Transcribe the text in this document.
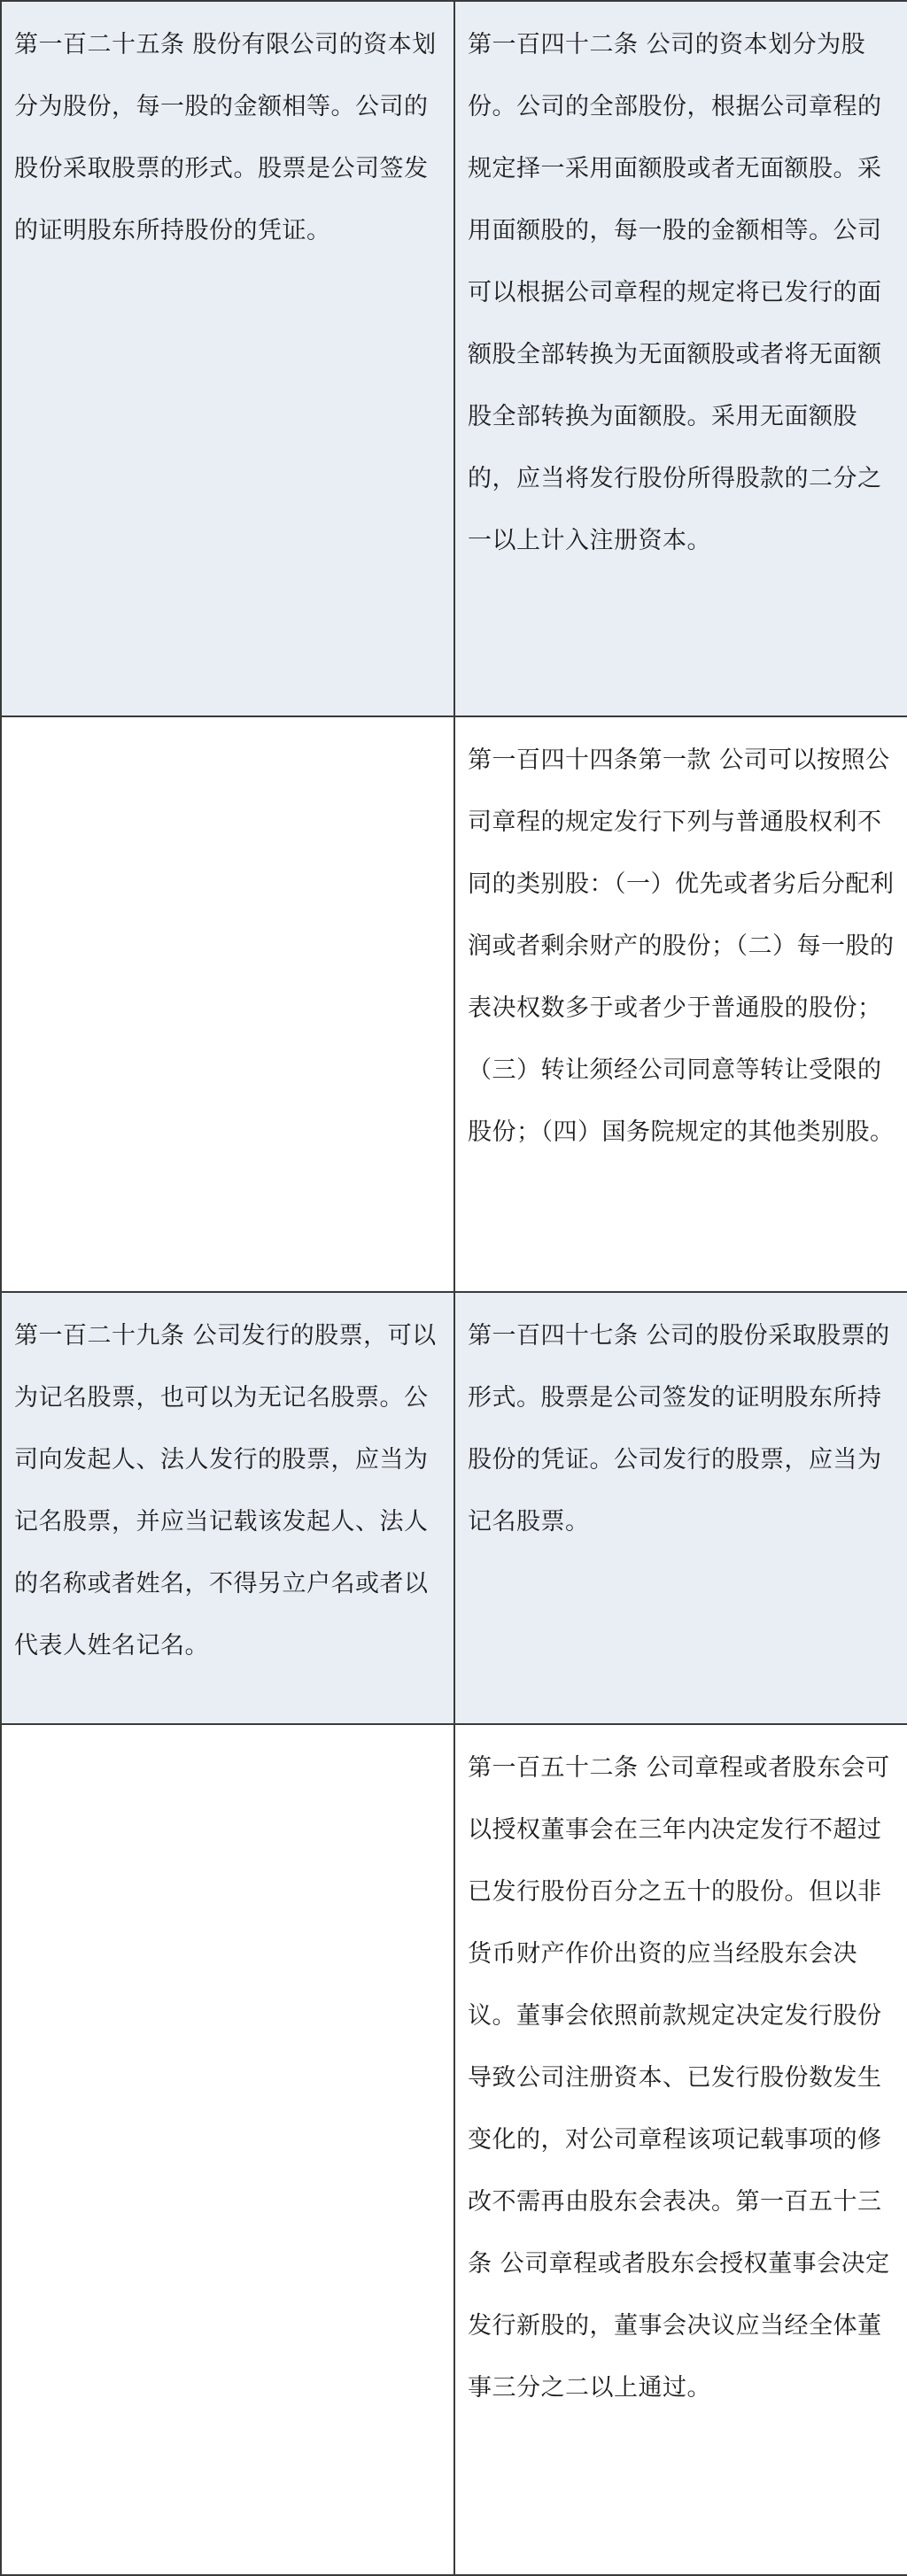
第一百二十五条 股份有限公司的资本划分为股份，每一股的金额相等。公司的股份采取股票的形式。股票是公司签发的证明股东所持股份的凭证。	第一百四十二条 公司的资本划分为股份。公司的全部股份，根据公司章程的规定择一采用面额股或者无面额股。采用面额股的，每一股的金额相等。公司可以根据公司章程的规定将已发行的面额股全部转换为无面额股或者将无面额股全部转换为面额股。采用无面额股的，应当将发行股份所得股款的二分之一以上计入注册资本。
	第一百四十四条第一款 公司可以按照公司章程的规定发行下列与普通股权利不同的类别股：（一）优先或者劣后分配利润或者剩余财产的股份；（二）每一股的表决权数多于或者少于普通股的股份；（三）转让须经公司同意等转让受限的股份；（四）国务院规定的其他类别股。
第一百二十九条 公司发行的股票，可以为记名股票，也可以为无记名股票。公司向发起人、法人发行的股票，应当为记名股票，并应当记载该发起人、法人的名称或者姓名，不得另立户名或者以代表人姓名记名。	第一百四十七条 公司的股份采取股票的形式。股票是公司签发的证明股东所持股份的凭证。公司发行的股票，应当为记名股票。
	第一百五十二条 公司章程或者股东会可以授权董事会在三年内决定发行不超过已发行股份百分之五十的股份。但以非货币财产作价出资的应当经股东会决议。董事会依照前款规定决定发行股份导致公司注册资本、已发行股份数发生变化的，对公司章程该项记载事项的修改不需再由股东会表决。第一百五十三条 公司章程或者股东会授权董事会决定发行新股的，董事会决议应当经全体董事三分之二以上通过。
